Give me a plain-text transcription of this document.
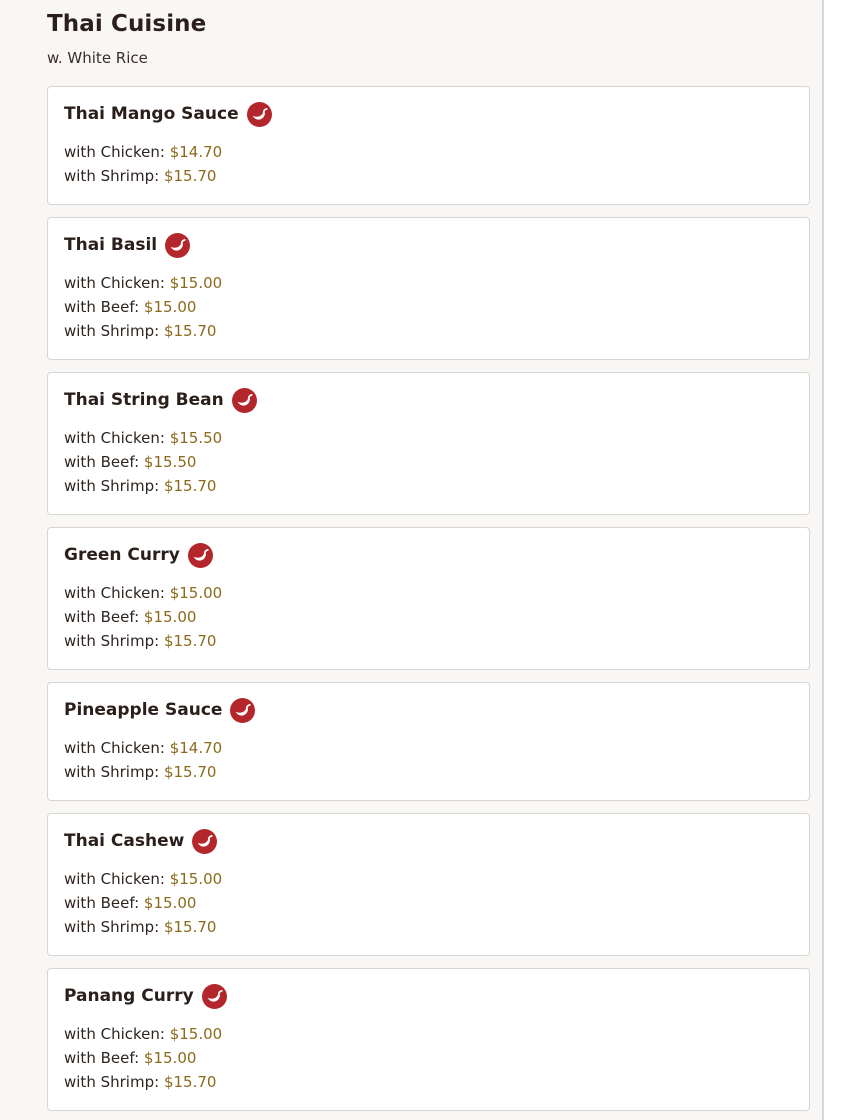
Thai Cuisine

w. White Rice

Thai Mango Sauce
with Chicken: $14.70
with Shrimp: $15.70
Thai Basil
with Chicken: $15.00
with Beef: $15.00
with Shrimp: $15.70
Thai String Bean
with Chicken: $15.50
with Beef: $15.50
with Shrimp: $15.70
Green Curry
with Chicken: $15.00
with Beef: $15.00
with Shrimp: $15.70
Pineapple Sauce
with Chicken: $14.70
with Shrimp: $15.70
Thai Cashew
with Chicken: $15.00
with Beef: $15.00
with Shrimp: $15.70
Panang Curry
with Chicken: $15.00
with Beef: $15.00
with Shrimp: $15.70
